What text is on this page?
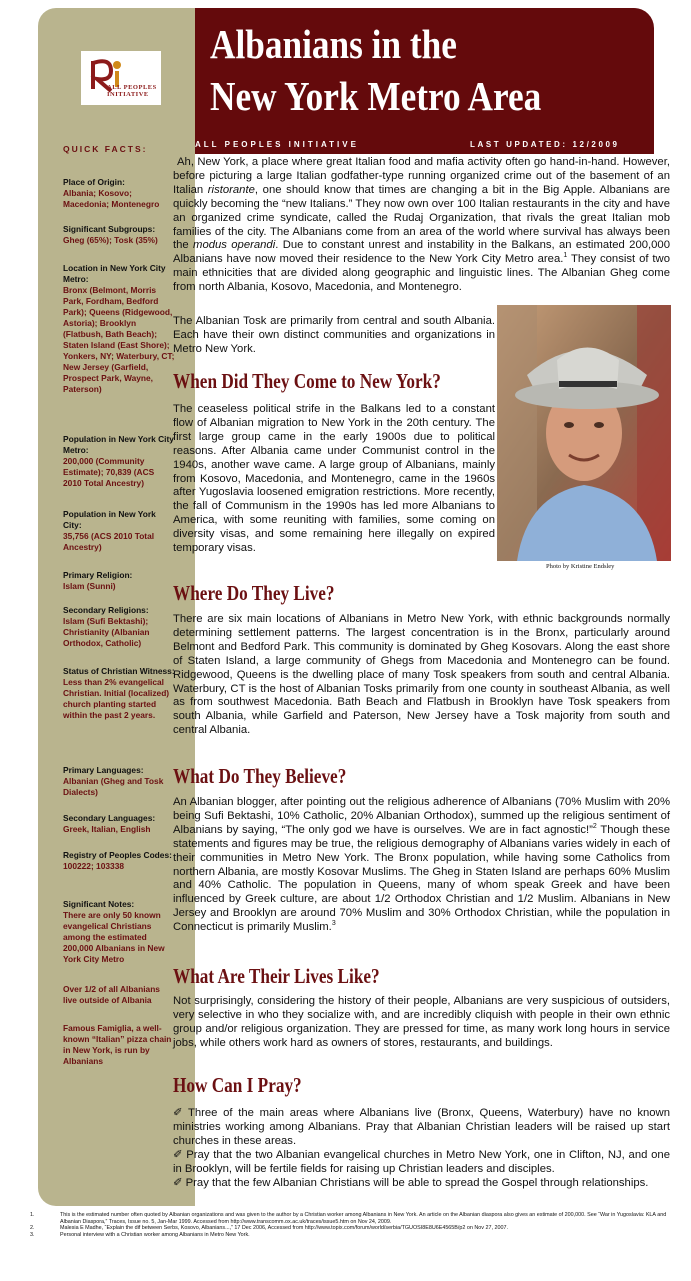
ALL PEOPLES INITIATIVE
Albanians in the
New York Metro Area
ALL PEOPLES INITIATIVE	LAST UPDATED: 12/2009
QUICK FACTS:
Place of Origin:
Albania; Kosovo; Macedonia; Montenegro
Significant Subgroups:
Gheg (65%); Tosk (35%)
Location in New York City Metro:
Bronx (Belmont, Morris Park, Fordham, Bedford Park); Queens (Ridgewood, Astoria); Brooklyn (Flatbush, Bath Beach); Staten Island (East Shore); Yonkers, NY; Waterbury, CT; New Jersey (Garfield, Prospect Park, Wayne, Paterson)
Population in New York City Metro:
200,000 (Community Estimate); 70,839 (ACS 2010 Total Ancestry)
Population in New York City:
35,756 (ACS 2010 Total Ancestry)
Primary Religion:
Islam (Sunni)
Secondary Religions:
Islam (Sufi Bektashi); Christianity (Albanian Orthodox, Catholic)
Status of Christian Witness:
Less than 2% evangelical Christian. Initial (localized) church planting started within the past 2 years.
Primary Languages:
Albanian (Gheg and Tosk Dialects)
Secondary Languages:
Greek, Italian, English
Registry of Peoples Codes:
100222; 103338
Significant Notes:
There are only 50 known evangelical Christians among the estimated 200,000 Albanians in New York City Metro
Over 1/2 of all Albanians live outside of Albania
Famous Famiglia, a well-known “Italian” pizza chain in New York, is run by Albanians

Ah, New York, a place where great Italian food and mafia activity often go hand-in-hand. However, before picturing a large Italian godfather-type running organized crime out of the basement of an Italian ristorante, one should know that times are changing a bit in the Big Apple. Albanians are quickly becoming the “new Italians.” They now own over 100 Italian restaurants in the city and have an organized crime syndicate, called the Rudaj Organization, that rivals the great Italian mob families of the city. The Albanians come from an area of the world where survival has always been the modus operandi. Due to constant unrest and instability in the Balkans, an estimated 200,000 Albanians have now moved their residence to the New York City Metro area.$^1$ They consist of two main ethnicities that are divided along geographic and linguistic lines. The Albanian Gheg come from north Albania, Kosovo, Macedonia, and Montenegro.

The Albanian Tosk are primarily from central and south Albania. Each have their own distinct communities and organizations in Metro New York.
Photo by Kristine Endsley
When Did They Come to New York?
The ceaseless political strife in the Balkans led to a constant flow of Albanian migration to New York in the 20th century. The first large group came in the early 1900s due to political reasons. After Albania came under Communist control in the 1940s, another wave came. A large group of Albanians, mainly from Kosovo, Macedonia, and Montenegro, came in the 1960s after Yugoslavia loosened emigration restrictions. More recently, the fall of Communism in the 1990s has led more Albanians to America, with some reuniting with families, some coming on diversity visas, and some remaining here illegally on expired temporary visas.
Where Do They Live?
There are six main locations of Albanians in Metro New York, with ethnic backgrounds normally determining settlement patterns. The largest concentration is in the Bronx, particularly around Belmont and Bedford Park. This community is dominated by Gheg Kosovars. Along the east shore of Staten Island, a large community of Ghegs from Macedonia and Montenegro can be found. Ridgewood, Queens is the dwelling place of many Tosk speakers from south and central Albania. Waterbury, CT is the host of Albanian Tosks primarily from one county in southeast Albania, as well as from southwest Macedonia. Bath Beach and Flatbush in Brooklyn have Tosk speakers from south Albania, while Garfield and Paterson, New Jersey have a Tosk majority from south and central Albania.
What Do They Believe?
An Albanian blogger, after pointing out the religious adherence of Albanians (70% Muslim with 20% being Sufi Bektashi, 10% Catholic, 20% Albanian Orthodox), summed up the religious sentiment of Albanians by saying, “The only god we have is ourselves. We are in fact agnostic!”$^2$ Though these statements and figures may be true, the religious demography of Albanians varies widely in each of their communities in Metro New York. The Bronx population, while having some Catholics from northern Albania, are mostly Kosovar Muslims. The Gheg in Staten Island are perhaps 60% Muslim and 40% Catholic. The population in Queens, many of whom speak Greek and have been influenced by Greek culture, are about 1/2 Orthodox Christian and 1/2 Muslim. Albanians in New Jersey and Brooklyn are around 70% Muslim and 30% Orthodox Christian, while the population in Connecticut is primarily Muslim.$^3$
What Are Their Lives Like?
Not surprisingly, considering the history of their people, Albanians are very suspicious of outsiders, very selective in who they socialize with, and are incredibly cliquish with people in their own ethnic group and/or religious organization. They are pressed for time, as many work long hours in service jobs, while others work hard as owners of stores, restaurants, and buildings.
How Can I Pray?
✐ Three of the main areas where Albanians live (Bronx, Queens, Waterbury) have no known ministries working among Albanians. Pray that Albanian Christian leaders will be raised up start churches in these areas.
✐ Pray that the two Albanian evangelical churches in Metro New York, one in Clifton, NJ, and one in Brooklyn, will be fertile fields for raising up Christian leaders and disciples.
✐ Pray that the few Albanian Christians will be able to spread the Gospel through relationships.
1.	This is the estimated number often quoted by Albanian organizations and was given to the author by a Christian worker among Albanians in New York. An article on the Albanian diaspora also gives an estimate of 200,000. See “War in Yugoslavia: KLA and Albanian Diaspora,” Traces, Issue no. 5, Jan-Mar 1999. Accessed from http://www.transcomm.ox.ac.uk/traces/issue5.htm on Nov 24, 2009.
2.	Malesia E Madhe, “Explain the dif between Serbs, Kosovo, Albanians...,” 17 Dec 2006, Accessed from http://www.topix.com/forum/world/serbia/TGUOSI8E8U6E4565B/p2 on Nov 27, 2007.
3.	Personal interview with a Christian worker among Albanians in Metro New York.
